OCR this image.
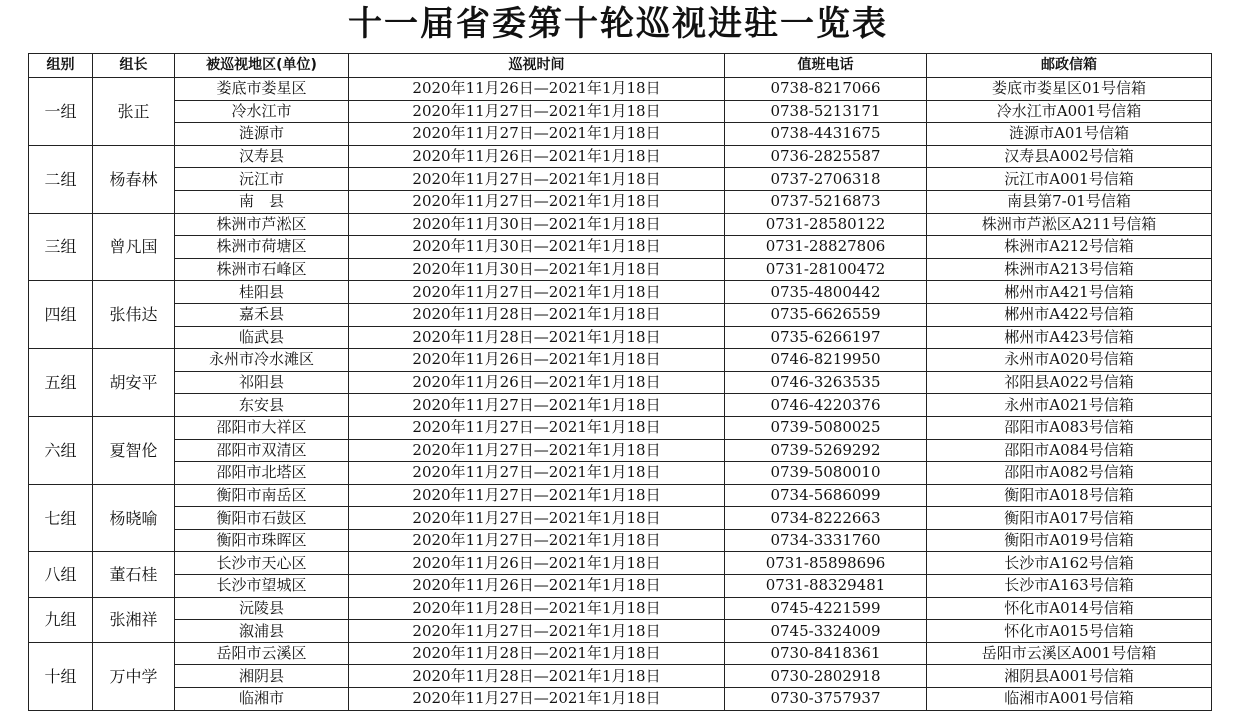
十一届省委第十轮巡视进驻一览表
组别	组长	被巡视地区(单位)	巡视时间	值班电话	邮政信箱
一组	张正	娄底市娄星区	2020年11月26日—2021年1月18日	0738-8217066	娄底市娄星区01号信箱
		冷水江市	2020年11月27日—2021年1月18日	0738-5213171	冷水江市A001号信箱
		涟源市	2020年11月27日—2021年1月18日	0738-4431675	涟源市A01号信箱
二组	杨春林	汉寿县	2020年11月26日—2021年1月18日	0736-2825587	汉寿县A002号信箱
		沅江市	2020年11月27日—2021年1月18日	0737-2706318	沅江市A001号信箱
		南　县	2020年11月27日—2021年1月18日	0737-5216873	南县第7-01号信箱
三组	曾凡国	株洲市芦淞区	2020年11月30日—2021年1月18日	0731-28580122	株洲市芦淞区A211号信箱
		株洲市荷塘区	2020年11月30日—2021年1月18日	0731-28827806	株洲市A212号信箱
		株洲市石峰区	2020年11月30日—2021年1月18日	0731-28100472	株洲市A213号信箱
四组	张伟达	桂阳县	2020年11月27日—2021年1月18日	0735-4800442	郴州市A421号信箱
		嘉禾县	2020年11月28日—2021年1月18日	0735-6626559	郴州市A422号信箱
		临武县	2020年11月28日—2021年1月18日	0735-6266197	郴州市A423号信箱
五组	胡安平	永州市冷水滩区	2020年11月26日—2021年1月18日	0746-8219950	永州市A020号信箱
		祁阳县	2020年11月26日—2021年1月18日	0746-3263535	祁阳县A022号信箱
		东安县	2020年11月27日—2021年1月18日	0746-4220376	永州市A021号信箱
六组	夏智伦	邵阳市大祥区	2020年11月27日—2021年1月18日	0739-5080025	邵阳市A083号信箱
		邵阳市双清区	2020年11月27日—2021年1月18日	0739-5269292	邵阳市A084号信箱
		邵阳市北塔区	2020年11月27日—2021年1月18日	0739-5080010	邵阳市A082号信箱
七组	杨晓喻	衡阳市南岳区	2020年11月27日—2021年1月18日	0734-5686099	衡阳市A018号信箱
		衡阳市石鼓区	2020年11月27日—2021年1月18日	0734-8222663	衡阳市A017号信箱
		衡阳市珠晖区	2020年11月27日—2021年1月18日	0734-3331760	衡阳市A019号信箱
八组	董石桂	长沙市天心区	2020年11月26日—2021年1月18日	0731-85898696	长沙市A162号信箱
		长沙市望城区	2020年11月26日—2021年1月18日	0731-88329481	长沙市A163号信箱
九组	张湘祥	沅陵县	2020年11月28日—2021年1月18日	0745-4221599	怀化市A014号信箱
		溆浦县	2020年11月27日—2021年1月18日	0745-3324009	怀化市A015号信箱
十组	万中学	岳阳市云溪区	2020年11月28日—2021年1月18日	0730-8418361	岳阳市云溪区A001号信箱
		湘阴县	2020年11月28日—2021年1月18日	0730-2802918	湘阴县A001号信箱
		临湘市	2020年11月27日—2021年1月18日	0730-3757937	临湘市A001号信箱
